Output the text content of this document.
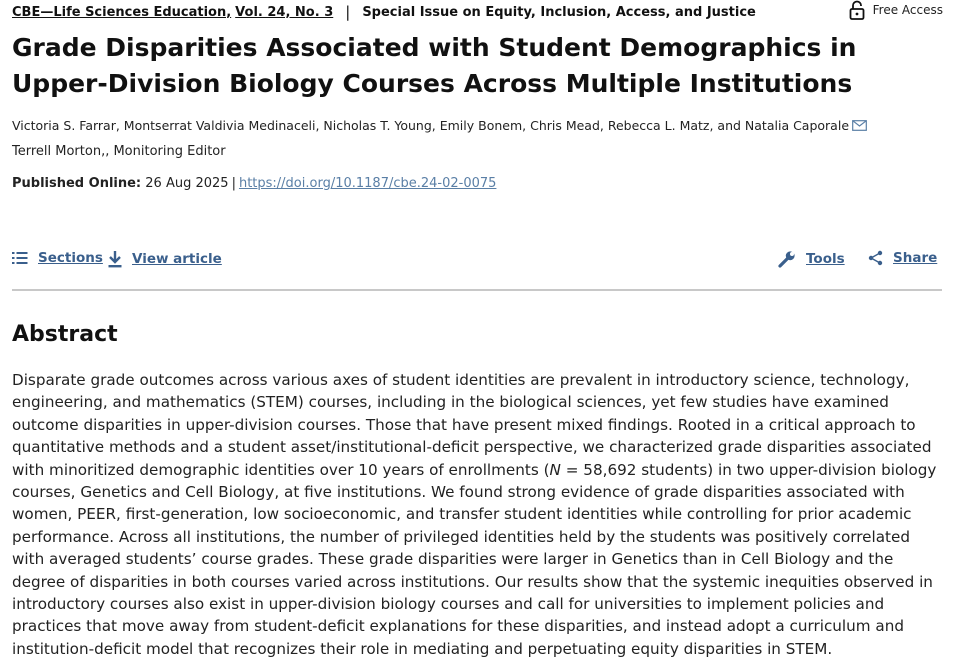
CBE—Life Sciences Education, Vol. 24, No. 3 | Special Issue on Equity, Inclusion, Access, and Justice	Free Access
Grade Disparities Associated with Student Demographics in Upper-Division Biology Courses Across Multiple Institutions
Victoria S. Farrar, Montserrat Valdivia Medinaceli, Nicholas T. Young, Emily Bonem, Chris Mead, Rebecca L. Matz, and Natalia Caporale
Terrell Morton,, Monitoring Editor
Published Online: 26 Aug 2025 | https://doi.org/10.1187/cbe.24-02-0075
Sections View article	Tools	Share
Abstract

Disparate grade outcomes across various axes of student identities are prevalent in introductory science, technology, engineering, and mathematics (STEM) courses, including in the biological sciences, yet few studies have examined outcome disparities in upper-division courses. Those that have present mixed findings. Rooted in a critical approach to quantitative methods and a student asset/institutional-deficit perspective, we characterized grade disparities associated with minoritized demographic identities over 10 years of enrollments (N = 58,692 students) in two upper-division biology courses, Genetics and Cell Biology, at five institutions. We found strong evidence of grade disparities associated with women, PEER, first-generation, low socioeconomic, and transfer student identities while controlling for prior academic performance. Across all institutions, the number of privileged identities held by the students was positively correlated with averaged students’ course grades. These grade disparities were larger in Genetics than in Cell Biology and the degree of disparities in both courses varied across institutions. Our results show that the systemic inequities observed in introductory courses also exist in upper-division biology courses and call for universities to implement policies and practices that move away from student-deficit explanations for these disparities, and instead adopt a curriculum and institution-deficit model that recognizes their role in mediating and perpetuating equity disparities in STEM.
